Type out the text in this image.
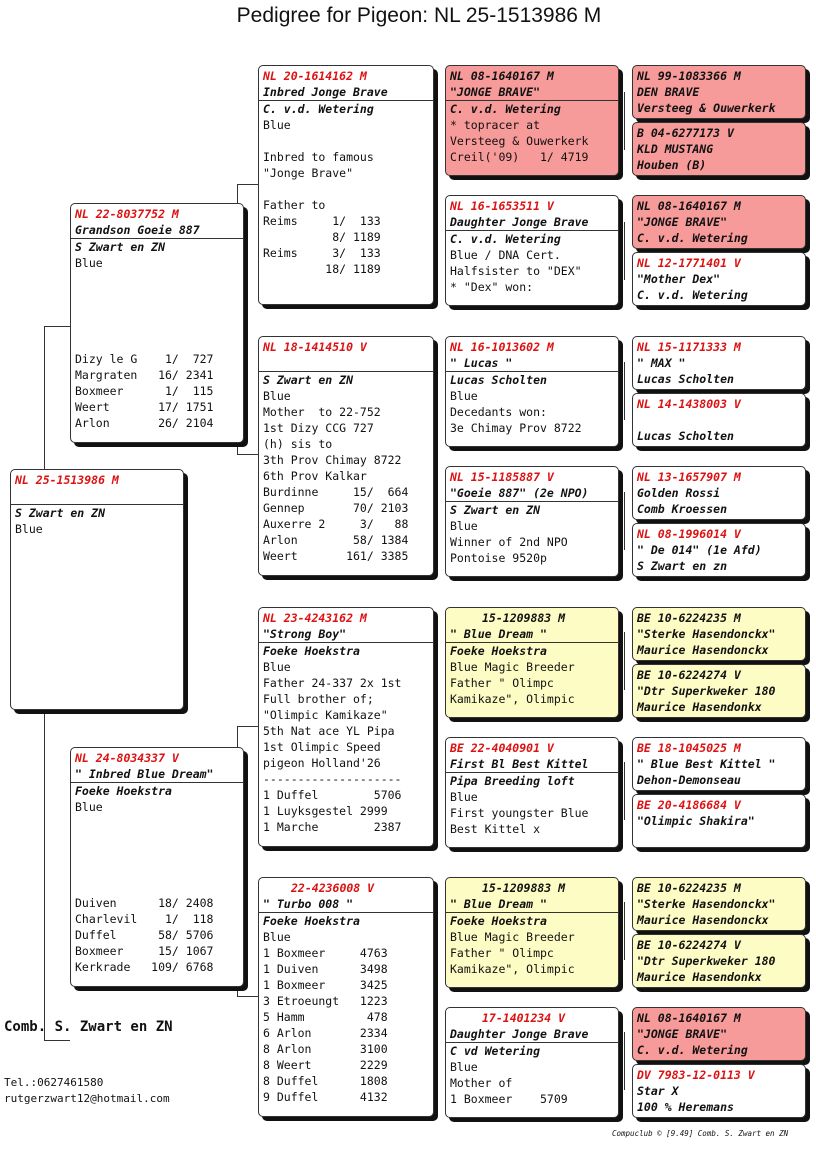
Pedigree for Pigeon: NL 25-1513986 M
NL 25-1513986 M
S Zwart en ZN
Blue
NL 22-8037752 M
Grandson Goeie 887
S Zwart en ZN
Blue
Dizy le G    1/  727
Margraten   16/ 2341
Boxmeer      1/  115
Weert       17/ 1751
Arlon       26/ 2104
NL 24-8034337 V
" Inbred Blue Dream"
Foeke Hoekstra
Blue
Duiven      18/ 2408
Charlevil    1/  118
Duffel      58/ 5706
Boxmeer     15/ 1067
Kerkrade   109/ 6768
NL 20-1614162 M
Inbred Jonge Brave
C. v.d. Wetering
Blue

Inbred to famous
"Jonge Brave"

Father to
Reims     1/  133
8/ 1189
Reims     3/  133
18/ 1189
NL 18-1414510 V
S Zwart en ZN
Blue
Mother  to 22-752
1st Dizy CCG 727
(h) sis to
3th Prov Chimay 8722
6th Prov Kalkar
Burdinne     15/  664
Gennep       70/ 2103
Auxerre 2     3/   88
Arlon        58/ 1384
Weert       161/ 3385
NL 23-4243162 M
"Strong Boy"
Foeke Hoekstra
Blue
Father 24-337 2x 1st
Full brother of;
"Olimpic Kamikaze"
5th Nat ace YL Pipa
1st Olimpic Speed
pigeon Holland'26
--------------------
1 Duffel        5706
1 Luyksgestel 2999
1 Marche        2387
22-4236008 V
" Turbo 008 "
Foeke Hoekstra
Blue
1 Boxmeer     4763
1 Duiven      3498
1 Boxmeer     3425
3 Etroeungt   1223
5 Hamm         478
6 Arlon       2334
8 Arlon       3100
8 Weert       2229
8 Duffel      1808
9 Duffel      4132
NL 08-1640167 M
"JONGE BRAVE"
C. v.d. Wetering
* topracer at
Versteeg & Ouwerkerk
Creil('09)   1/ 4719
NL 16-1653511 V
Daughter Jonge Brave
C. v.d. Wetering
Blue / DNA Cert.
Halfsister to "DEX"
* "Dex" won:
NL 16-1013602 M
" Lucas "
Lucas Scholten
Blue
Decedants won:
3e Chimay Prov 8722
NL 15-1185887 V
"Goeie 887" (2e NPO)
S Zwart en ZN
Blue
Winner of 2nd NPO
Pontoise 9520p
15-1209883 M
" Blue Dream "
Foeke Hoekstra
Blue Magic Breeder
Father " Olimpc
Kamikaze", Olimpic
BE 22-4040901 V
First Bl Best Kittel
Pipa Breeding loft
Blue
First youngster Blue
Best Kittel x
15-1209883 M
" Blue Dream "
Foeke Hoekstra
Blue Magic Breeder
Father " Olimpc
Kamikaze", Olimpic
17-1401234 V
Daughter Jonge Brave
C vd Wetering
Blue
Mother of
1 Boxmeer    5709
NL 99-1083366 M
DEN BRAVE
Versteeg & Ouwerkerk
B 04-6277173 V
KLD MUSTANG
Houben (B)
NL 08-1640167 M
"JONGE BRAVE"
C. v.d. Wetering
NL 12-1771401 V
"Mother Dex"
C. v.d. Wetering
NL 15-1171333 M
" MAX "
Lucas Scholten
NL 14-1438003 V
Lucas Scholten
NL 13-1657907 M
Golden Rossi
Comb Kroessen
NL 08-1996014 V
" De 014" (1e Afd)
S Zwart en zn
BE 10-6224235 M
"Sterke Hasendonckx"
Maurice Hasendonckx
BE 10-6224274 V
"Dtr Superkweker 180
Maurice Hasendonkx
BE 18-1045025 M
" Blue Best Kittel "
Dehon-Demonseau
BE 20-4186684 V
"Olimpic Shakira"
BE 10-6224235 M
"Sterke Hasendonckx"
Maurice Hasendonckx
BE 10-6224274 V
"Dtr Superkweker 180
Maurice Hasendonkx
NL 08-1640167 M
"JONGE BRAVE"
C. v.d. Wetering
DV 7983-12-0113 V
Star X
100 % Heremans
Comb. S. Zwart en ZN
Tel.:0627461580
rutgerzwart12@hotmail.com
Compuclub © [9.49] Comb. S. Zwart en ZN
